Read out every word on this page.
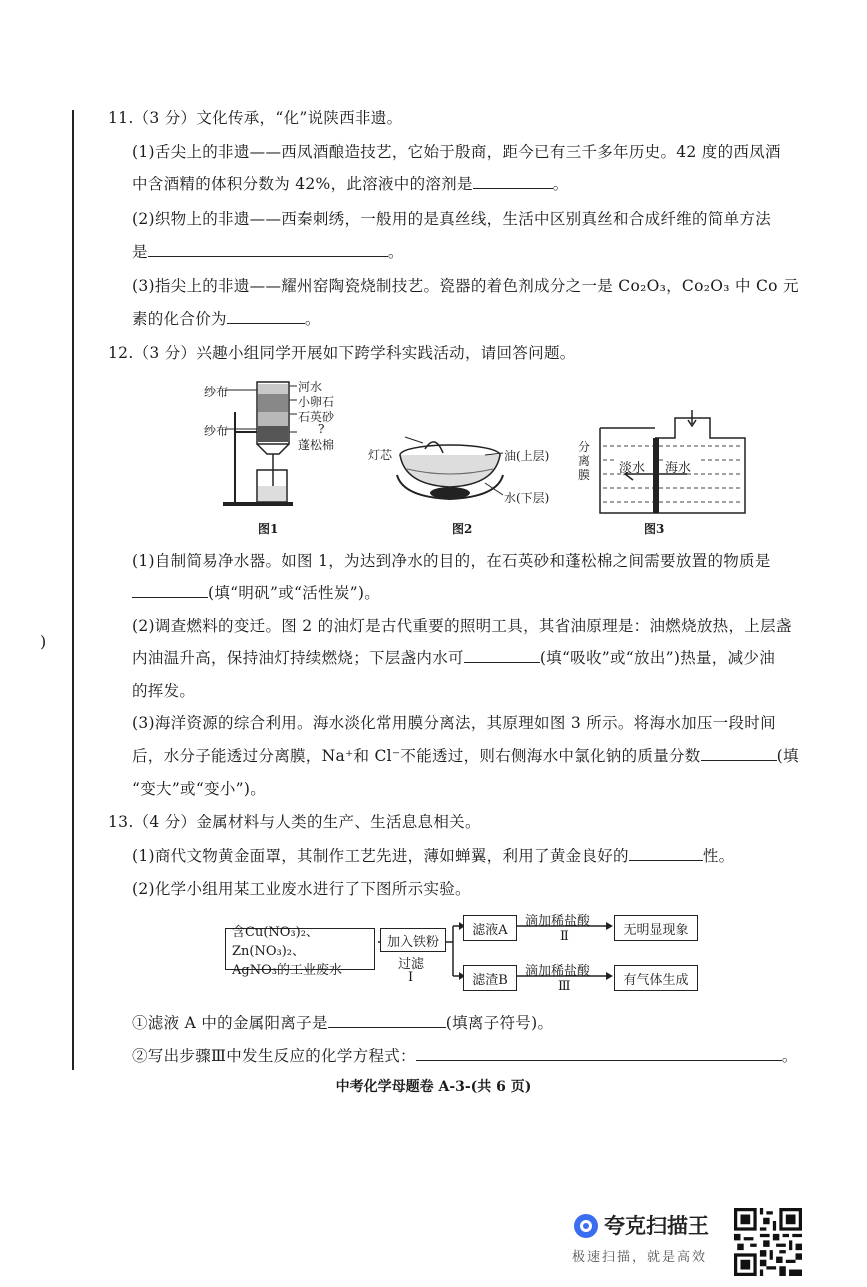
)
11.（3 分）文化传承，“化”说陕西非遗。
(1)舌尖上的非遗——西凤酒酿造技艺，它始于殷商，距今已有三千多年历史。42 度的西凤酒
中含酒精的体积分数为 42%，此溶液中的溶剂是	。
(2)织物上的非遗——西秦刺绣，一般用的是真丝线，生活中区别真丝和合成纤维的简单方法
是	。
(3)指尖上的非遗——耀州窑陶瓷烧制技艺。瓷器的着色剂成分之一是 Co₂O₃，Co₂O₃ 中 Co 元
素的化合价为	。
12.（3 分）兴趣小组同学开展如下跨学科实践活动，请回答问题。
纱布
纱布
河水
小卵石
石英砂
?
蓬松棉
图1
灯芯	油(上层)
水(下层)
图2
分
离
膜 淡水 海水
图3
(1)自制简易净水器。如图 1，为达到净水的目的，在石英砂和蓬松棉之间需要放置的物质是
(填“明矾”或“活性炭”)。
(2)调查燃料的变迁。图 2 的油灯是古代重要的照明工具，其省油原理是：油燃烧放热，上层盏
内油温升高，保持油灯持续燃烧；下层盏内水可	(填“吸收”或“放出”)热量，减少油
的挥发。
(3)海洋资源的综合利用。海水淡化常用膜分离法，其原理如图 3 所示。将海水加压一段时间
后，水分子能透过分离膜，Na⁺和 Cl⁻不能透过，则右侧海水中氯化钠的质量分数	(填
“变大”或“变小”)。
13.（4 分）金属材料与人类的生产、生活息息相关。
(1)商代文物黄金面罩，其制作工艺先进，薄如蝉翼，利用了黄金良好的	性。
(2)化学小组用某工业废水进行了下图所示实验。
含Cu(NO₃)₂、Zn(NO₃)₂、
AgNO₃的工业废水
加入铁粉
过滤
I
滤液A
滤渣B
滴加稀盐酸
Ⅱ
滴加稀盐酸
Ⅲ
无明显现象
有气体生成
①滤液 A 中的金属阳离子是	(填离子符号)。
②写出步骤Ⅲ中发生反应的化学方程式：	。
中考化学母题卷 A-3-(共 6 页)
夸克扫描王
极速扫描，就是高效
